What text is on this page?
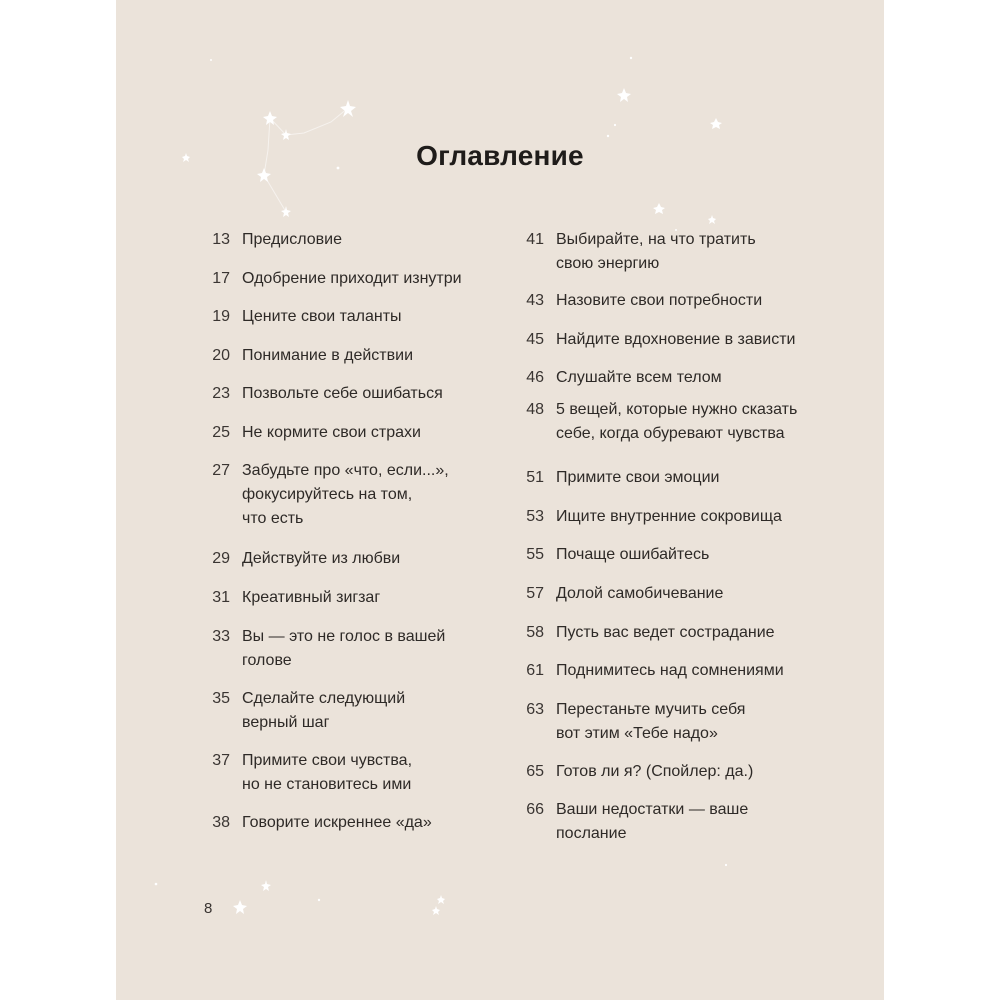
Оглавление
13 Предисловие
17 Одобрение приходит изнутри
19 Цените свои таланты
20 Понимание в действии
23 Позвольте себе ошибаться
25 Не кормите свои страхи
27 Забудьте про «что, если...»,
фокусируйтесь на том,
что есть
29 Действуйте из любви
31 Креативный зигзаг
33 Вы — это не голос в вашей
голове
35 Сделайте следующий
верный шаг
37 Примите свои чувства,
но не становитесь ими
38 Говорите искреннее «да»
41 Выбирайте, на что тратить
свою энергию
43 Назовите свои потребности
45 Найдите вдохновение в зависти
46 Слушайте всем телом
48 5 вещей, которые нужно сказать
себе, когда обуревают чувства
51 Примите свои эмоции
53 Ищите внутренние сокровища
55 Почаще ошибайтесь
57 Долой самобичевание
58 Пусть вас ведет сострадание
61 Поднимитесь над сомнениями
63 Перестаньте мучить себя
вот этим «Тебе надо»
65 Готов ли я? (Спойлер: да.)
66 Ваши недостатки — ваше
послание
8
